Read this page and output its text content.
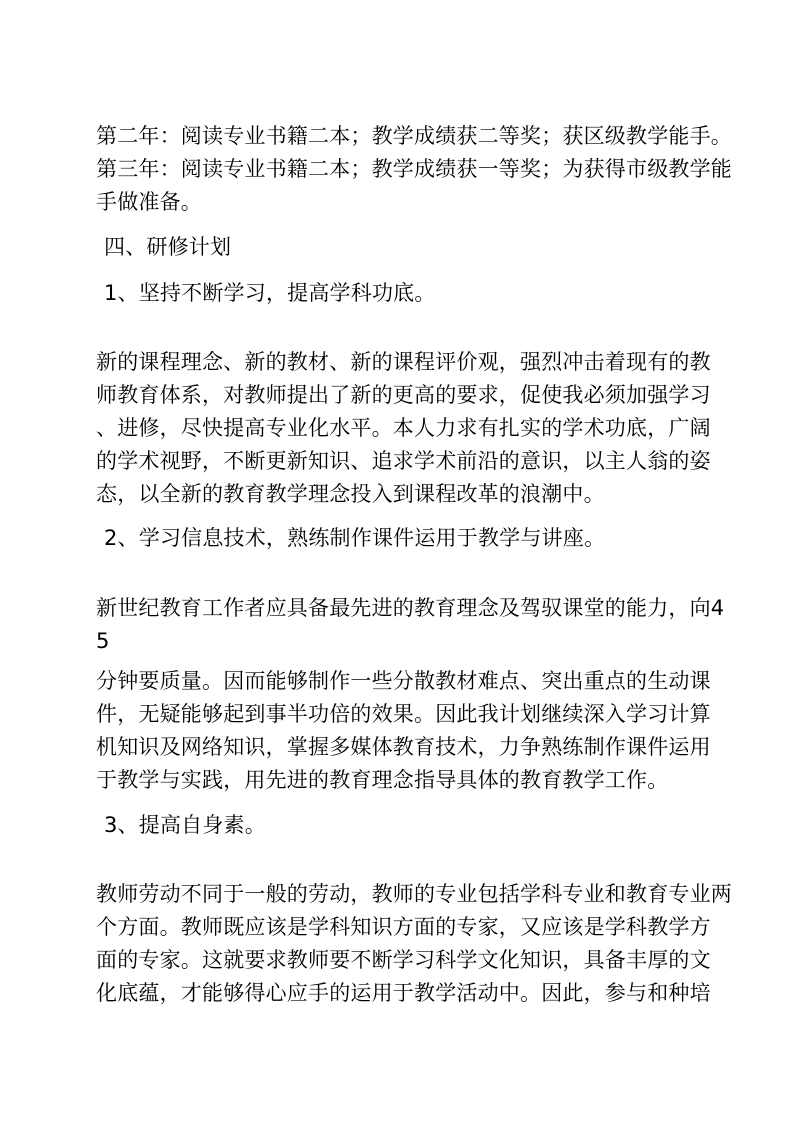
第二年：阅读专业书籍二本；教学成绩获二等奖；获区级教学能手。
第三年：阅读专业书籍二本；教学成绩获一等奖；为获得市级教学能
手做准备。
四、研修计划
1、坚持不断学习，提高学科功底。
新的课程理念、新的教材、新的课程评价观，强烈冲击着现有的教
师教育体系，对教师提出了新的更高的要求，促使我必须加强学习
、进修，尽快提高专业化水平。本人力求有扎实的学术功底，广阔
的学术视野，不断更新知识、追求学术前沿的意识，以主人翁的姿
态，以全新的教育教学理念投入到课程改革的浪潮中。
2、学习信息技术，熟练制作课件运用于教学与讲座。
新世纪教育工作者应具备最先进的教育理念及驾驭课堂的能力，向4
5
分钟要质量。因而能够制作一些分散教材难点、突出重点的生动课
件，无疑能够起到事半功倍的效果。因此我计划继续深入学习计算
机知识及网络知识，掌握多媒体教育技术，力争熟练制作课件运用
于教学与实践，用先进的教育理念指导具体的教育教学工作。
3、提高自身素。
教师劳动不同于一般的劳动，教师的专业包括学科专业和教育专业两
个方面。教师既应该是学科知识方面的专家，又应该是学科教学方
面的专家。这就要求教师要不断学习科学文化知识，具备丰厚的文
化底蕴，才能够得心应手的运用于教学活动中。因此，参与和种培
